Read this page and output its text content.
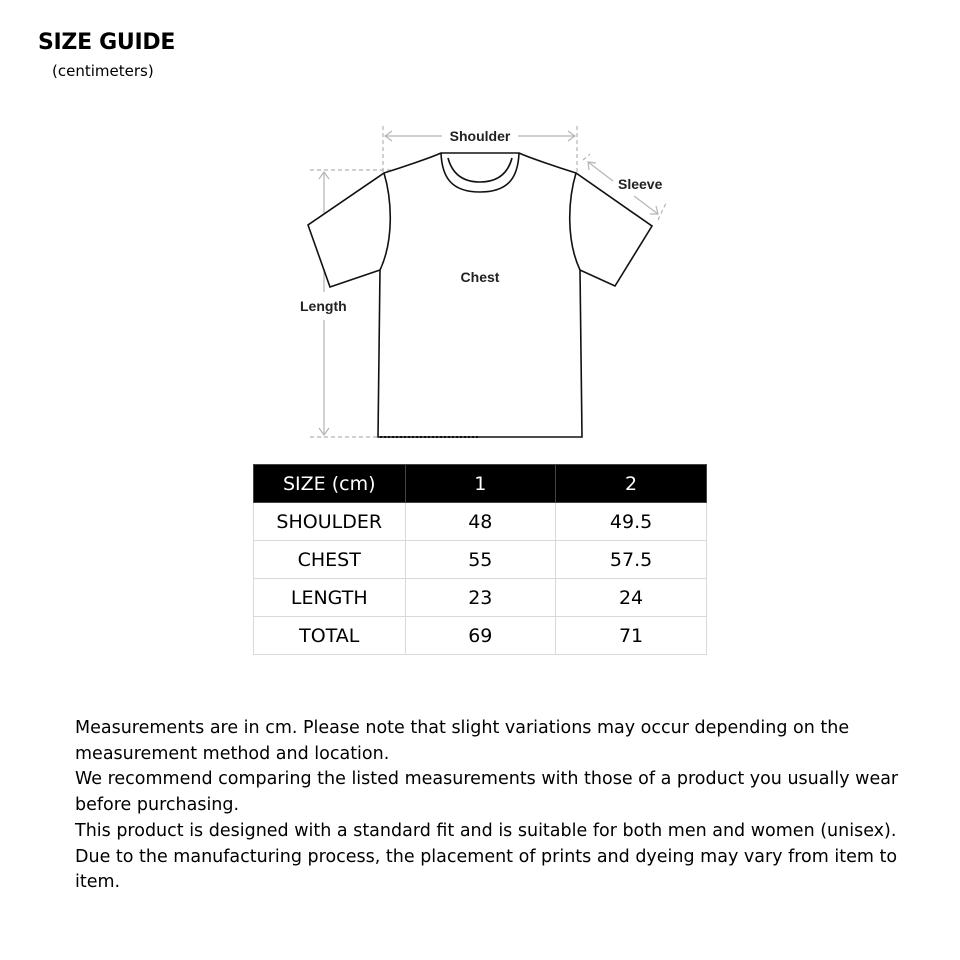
SIZE GUIDE
(centimeters)
Shoulder
Sleeve
Chest
Length
SIZE (cm)	1	2
SHOULDER	48	49.5
CHEST	55	57.5
LENGTH	23	24
TOTAL	69	71

Measurements are in cm. Please note that slight variations may occur depending on the measurement method and location.

We recommend comparing the listed measurements with those of a product you usually wear before purchasing.

This product is designed with a standard fit and is suitable for both men and women (unisex).

Due to the manufacturing process, the placement of prints and dyeing may vary from item to item.
